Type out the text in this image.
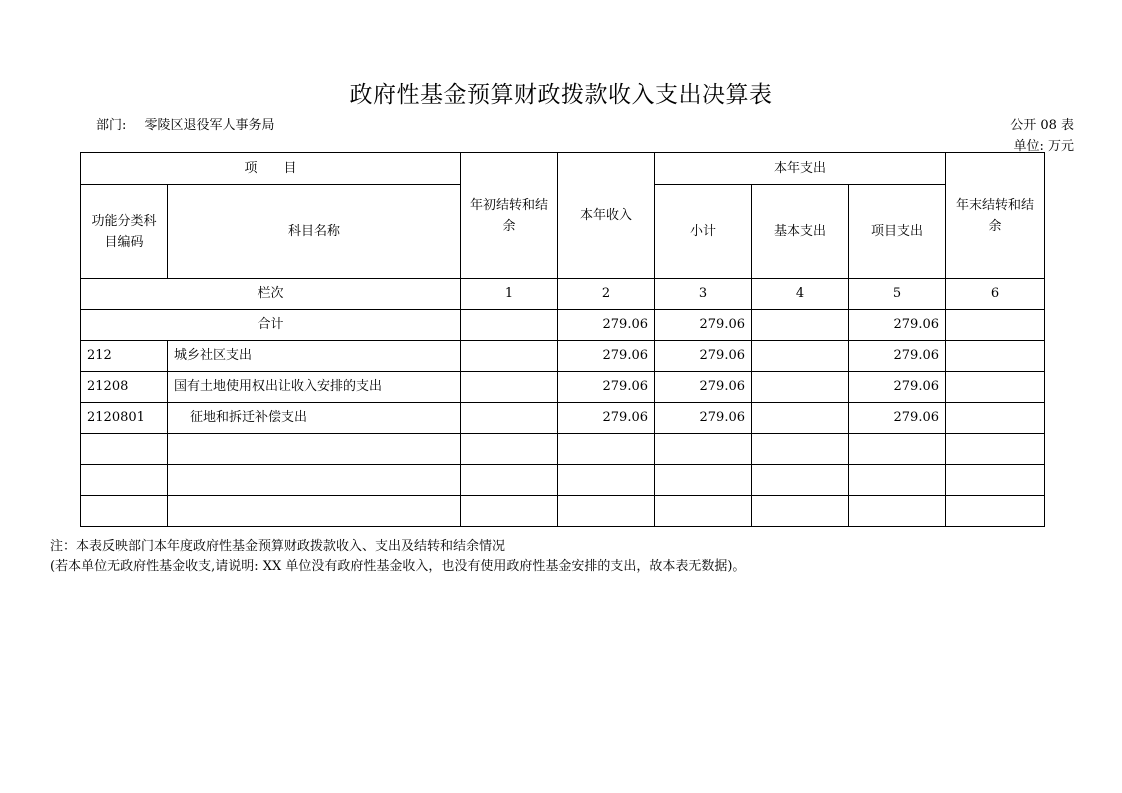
政府性基金预算财政拨款收入支出决算表
部门: 零陵区退役军人事务局	公开 08 表
单位: 万元
项　　目		年初结转和结余	本年收入	本年支出			年末结转和结余
功能分类科目编码	科目名称			小计	基本支出	项目支出	
栏次		1	2	3	4	5	6
合计			279.06	279.06		279.06	
212	城乡社区支出		279.06	279.06		279.06	
21208	国有土地使用权出让收入安排的支出		279.06	279.06		279.06	
2120801	征地和拆迁补偿支出		279.06	279.06		279.06	

注：本表反映部门本年度政府性基金预算财政拨款收入、支出及结转和结余情况
(若本单位无政府性基金收支,请说明: XX 单位没有政府性基金收入，也没有使用政府性基金安排的支出，故本表无数据)。
